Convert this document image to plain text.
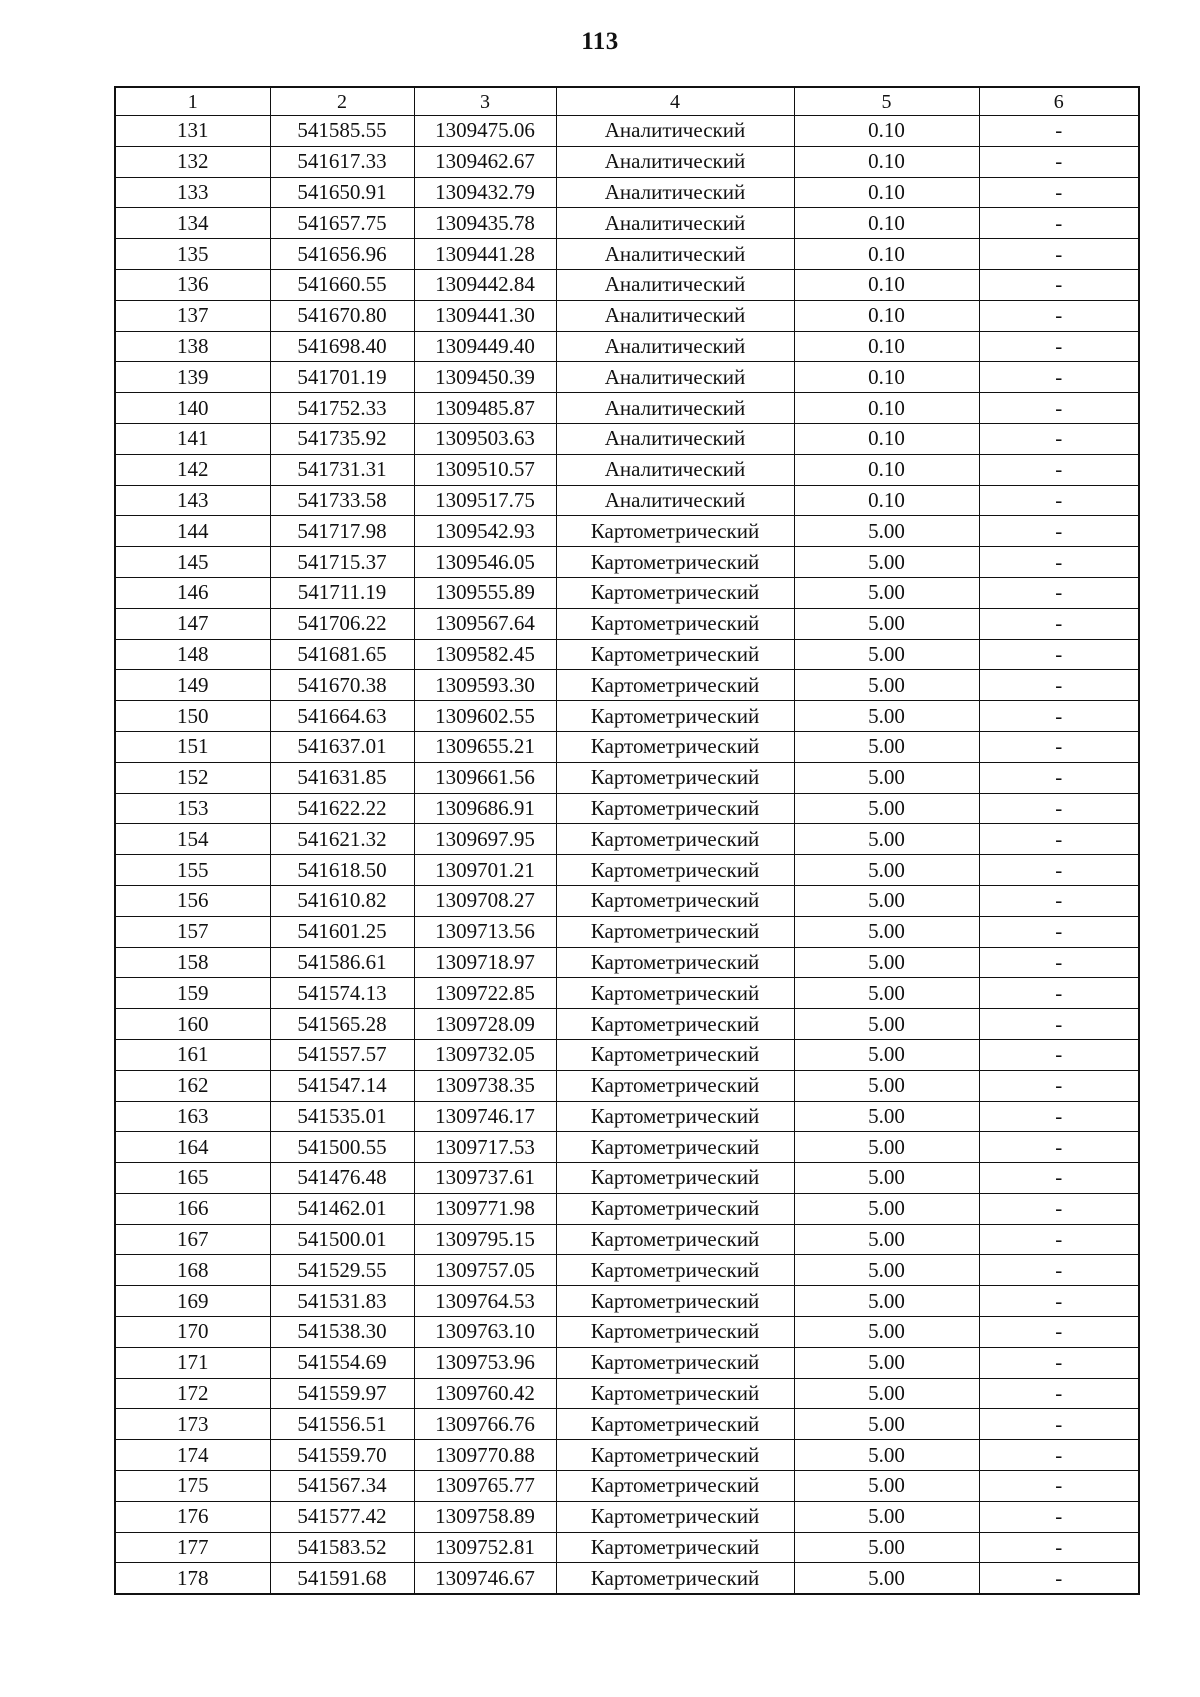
113
1	2	3	4	5	6
131	541585.55	1309475.06	Аналитический	0.10	-
132	541617.33	1309462.67	Аналитический	0.10	-
133	541650.91	1309432.79	Аналитический	0.10	-
134	541657.75	1309435.78	Аналитический	0.10	-
135	541656.96	1309441.28	Аналитический	0.10	-
136	541660.55	1309442.84	Аналитический	0.10	-
137	541670.80	1309441.30	Аналитический	0.10	-
138	541698.40	1309449.40	Аналитический	0.10	-
139	541701.19	1309450.39	Аналитический	0.10	-
140	541752.33	1309485.87	Аналитический	0.10	-
141	541735.92	1309503.63	Аналитический	0.10	-
142	541731.31	1309510.57	Аналитический	0.10	-
143	541733.58	1309517.75	Аналитический	0.10	-
144	541717.98	1309542.93	Картометрический	5.00	-
145	541715.37	1309546.05	Картометрический	5.00	-
146	541711.19	1309555.89	Картометрический	5.00	-
147	541706.22	1309567.64	Картометрический	5.00	-
148	541681.65	1309582.45	Картометрический	5.00	-
149	541670.38	1309593.30	Картометрический	5.00	-
150	541664.63	1309602.55	Картометрический	5.00	-
151	541637.01	1309655.21	Картометрический	5.00	-
152	541631.85	1309661.56	Картометрический	5.00	-
153	541622.22	1309686.91	Картометрический	5.00	-
154	541621.32	1309697.95	Картометрический	5.00	-
155	541618.50	1309701.21	Картометрический	5.00	-
156	541610.82	1309708.27	Картометрический	5.00	-
157	541601.25	1309713.56	Картометрический	5.00	-
158	541586.61	1309718.97	Картометрический	5.00	-
159	541574.13	1309722.85	Картометрический	5.00	-
160	541565.28	1309728.09	Картометрический	5.00	-
161	541557.57	1309732.05	Картометрический	5.00	-
162	541547.14	1309738.35	Картометрический	5.00	-
163	541535.01	1309746.17	Картометрический	5.00	-
164	541500.55	1309717.53	Картометрический	5.00	-
165	541476.48	1309737.61	Картометрический	5.00	-
166	541462.01	1309771.98	Картометрический	5.00	-
167	541500.01	1309795.15	Картометрический	5.00	-
168	541529.55	1309757.05	Картометрический	5.00	-
169	541531.83	1309764.53	Картометрический	5.00	-
170	541538.30	1309763.10	Картометрический	5.00	-
171	541554.69	1309753.96	Картометрический	5.00	-
172	541559.97	1309760.42	Картометрический	5.00	-
173	541556.51	1309766.76	Картометрический	5.00	-
174	541559.70	1309770.88	Картометрический	5.00	-
175	541567.34	1309765.77	Картометрический	5.00	-
176	541577.42	1309758.89	Картометрический	5.00	-
177	541583.52	1309752.81	Картометрический	5.00	-
178	541591.68	1309746.67	Картометрический	5.00	-
